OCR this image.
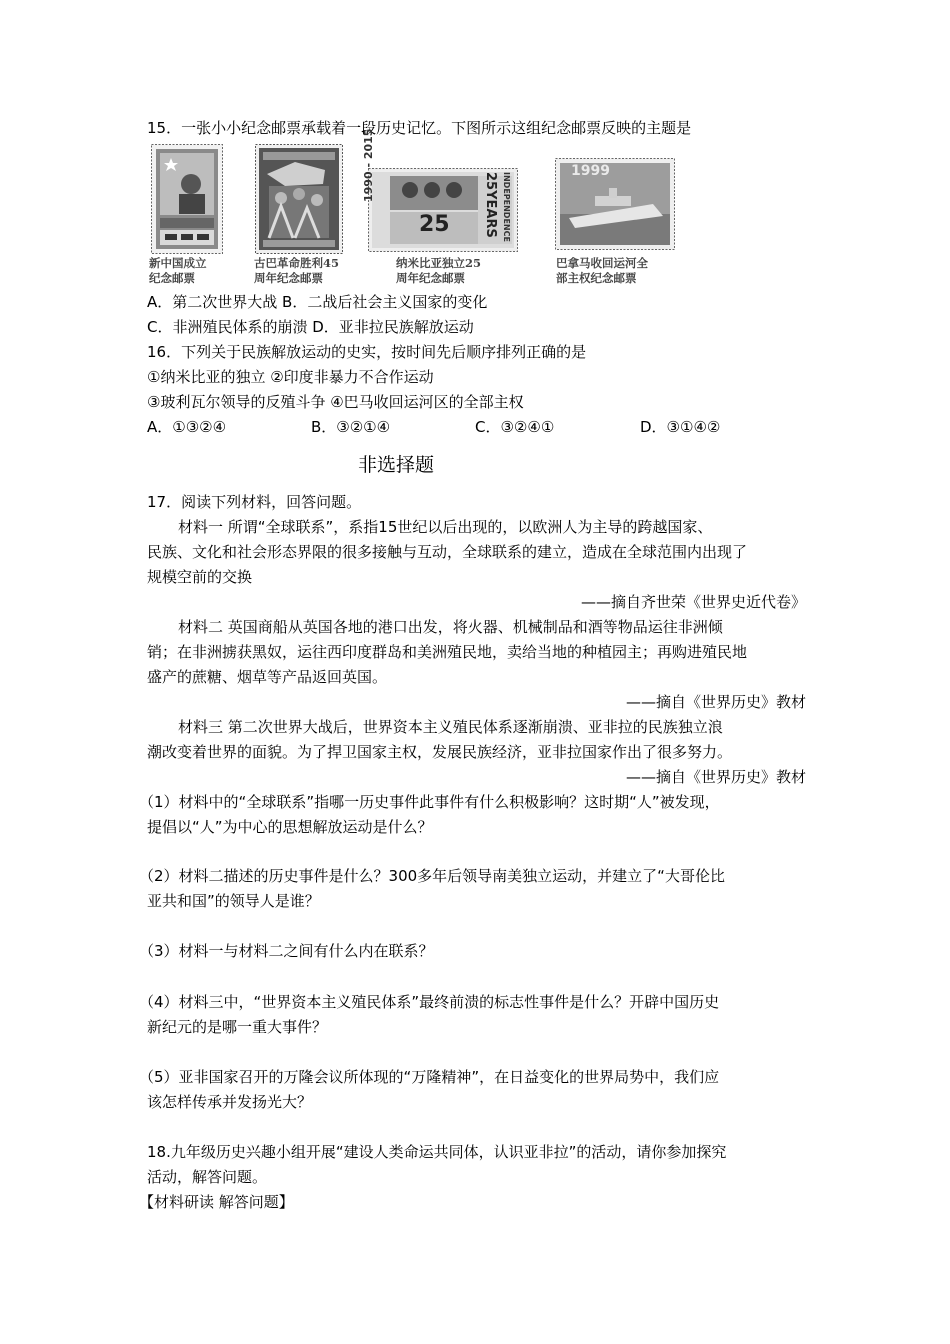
15．一张小小纪念邮票承载着一段历史记忆。下图所示这组纪念邮票反映的主题是
新中国成立
纪念邮票
古巴革命胜利45
周年纪念邮票
1990 - 2015
25	25YEARS INDEPENDENCE
纳米比亚独立25
周年纪念邮票
1999
巴拿马收回运河全
部主权纪念邮票
A．第二次世界大战 B．二战后社会主义国家的变化
C．非洲殖民体系的崩溃 D．亚非拉民族解放运动
16．下列关于民族解放运动的史实，按时间先后顺序排列正确的是
①纳米比亚的独立 ②印度非暴力不合作运动
③玻利瓦尔领导的反殖斗争 ④巴马收回运河区的全部主权
A．①③②④	B．③②①④	C．③②④①	D．③①④②
非选择题
17．阅读下列材料，回答问题。
材料一 所谓“全球联系”，系指15世纪以后出现的，以欧洲人为主导的跨越国家、
民族、文化和社会形态界限的很多接触与互动，全球联系的建立，造成在全球范围内出现了
规模空前的交换
——摘自齐世荣《世界史近代卷》
材料二 英国商船从英国各地的港口出发，将火器、机械制品和酒等物品运往非洲倾
销；在非洲掳获黑奴，运往西印度群岛和美洲殖民地，卖给当地的种植园主；再购进殖民地
盛产的蔗糖、烟草等产品返回英国。
——摘自《世界历史》教材
材料三 第二次世界大战后，世界资本主义殖民体系逐渐崩溃、亚非拉的民族独立浪
潮改变着世界的面貌。为了捍卫国家主权，发展民族经济，亚非拉国家作出了很多努力。
——摘自《世界历史》教材
（1）材料中的“全球联系”指哪一历史事件此事件有什么积极影响？这时期“人”被发现，
提倡以“人”为中心的思想解放运动是什么？
（2）材料二描述的历史事件是什么？300多年后领导南美独立运动，并建立了“大哥伦比
亚共和国”的领导人是谁？
（3）材料一与材料二之间有什么内在联系？
（4）材料三中，“世界资本主义殖民体系”最终前溃的标志性事件是什么？开辟中国历史
新纪元的是哪一重大事件？
（5）亚非国家召开的万隆会议所体现的“万隆精神”，在日益变化的世界局势中，我们应
该怎样传承并发扬光大？
18.九年级历史兴趣小组开展“建设人类命运共同体，认识亚非拉”的活动，请你参加探究
活动，解答问题。
【材料研读 解答问题】
